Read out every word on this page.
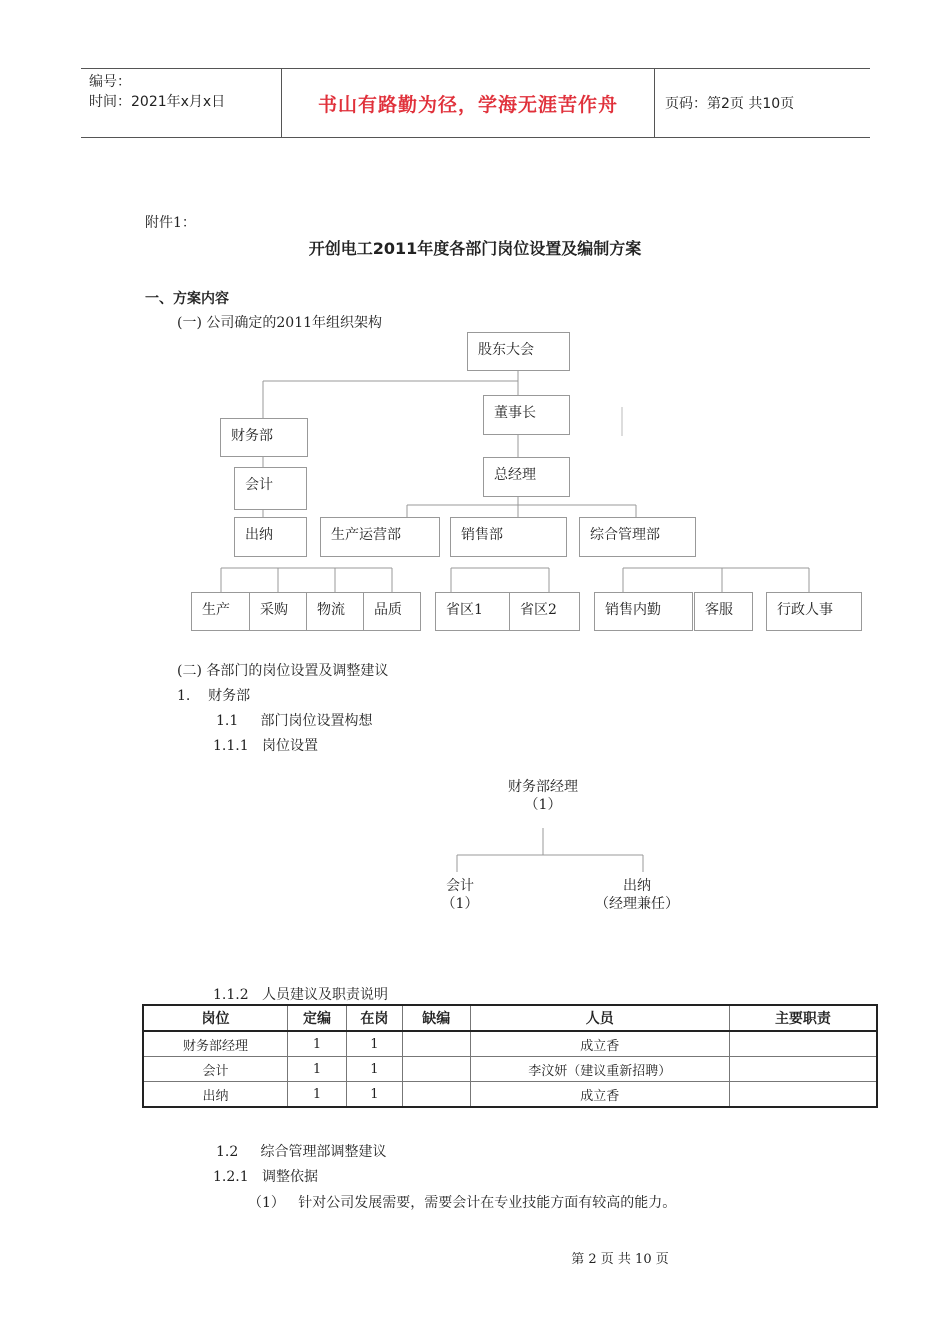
编号：
时间：2021年x月x日	书山有路勤为径，学海无涯苦作舟	页码：第2页 共10页
附件1：
开创电工2011年度各部门岗位设置及编制方案
一、方案内容
(一) 公司确定的2011年组织架构
股东大会
董事长
财务部
会计
总经理
出纳	生产运营部	销售部	综合管理部
生产	采购	物流	品质	省区1	省区2	销售内勤	客服	行政人事
(二) 各部门的岗位设置及调整建议
1.    财务部
1.1     部门岗位设置构想
1.1.1   岗位设置
财务部经理
（1）
会计
（1）
出纳
（经理兼任）
1.1.2   人员建议及职责说明
岗位	定编	在岗	缺编	人员	主要职责
财务部经理	1	1		成立香	
会计	1	1		李汶妍（建议重新招聘）	
出纳	1	1		成立香	
1.2     综合管理部调整建议
1.2.1   调整依据
（1）   针对公司发展需要，需要会计在专业技能方面有较高的能力。
第 2 页 共 10 页
